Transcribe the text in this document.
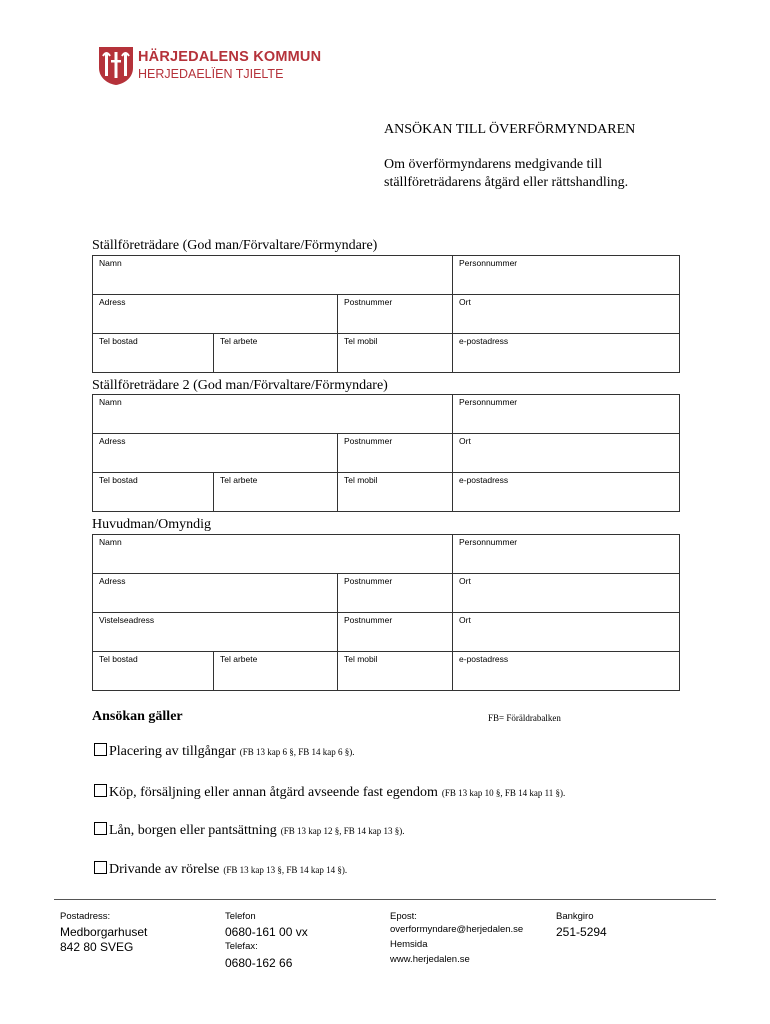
HÄRJEDALENS KOMMUN
HERJEDAELÏEN TJIELTE
ANSÖKAN TILL ÖVERFÖRMYNDAREN
Om överförmyndarens medgivande till ställföreträdarens åtgärd eller rättshandling.
Ställföreträdare (God man/Förvaltare/Förmyndare)
Namn			Personnummer
Adress		Postnummer	Ort
Tel bostad	Tel arbete	Tel mobil	e-postadress
Ställföreträdare 2 (God man/Förvaltare/Förmyndare)
Namn			Personnummer
Adress		Postnummer	Ort
Tel bostad	Tel arbete	Tel mobil	e-postadress
Huvudman/Omyndig
Namn			Personnummer
Adress		Postnummer	Ort
Vistelseadress		Postnummer	Ort
Tel bostad	Tel arbete	Tel mobil	e-postadress
Ansökan gäller	FB= Föräldrabalken
Placering av tillgångar (FB 13 kap 6 §, FB 14 kap 6 §).
Köp, försäljning eller annan åtgärd avseende fast egendom (FB 13 kap 10 §, FB 14 kap 11 §).
Lån, borgen eller pantsättning (FB 13 kap 12 §, FB 14 kap 13 §).
Drivande av rörelse (FB 13 kap 13 §, FB 14 kap 14 §).
Postadress:
Medborgarhuset
842 80 SVEG
Telefon
0680-161 00 vx
Telefax:
0680-162 66
Epost:
overformyndare@herjedalen.se
Hemsida
www.herjedalen.se
Bankgiro
251-5294
